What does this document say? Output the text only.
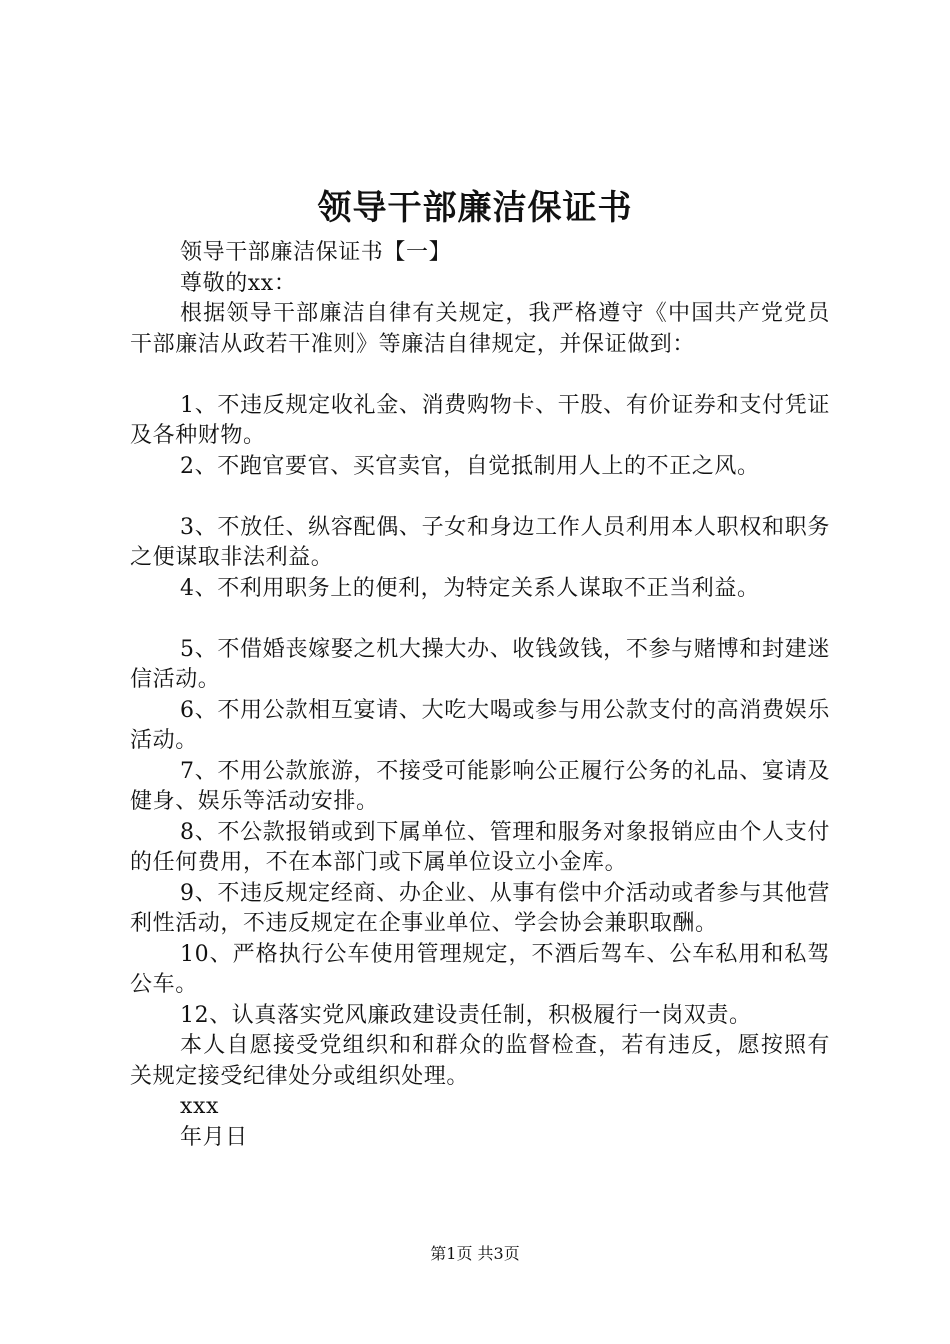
领导干部廉洁保证书

领导干部廉洁保证书【一】

尊敬的xx：

根据领导干部廉洁自律有关规定，我严格遵守《中国共产党党员干部廉洁从政若干准则》等廉洁自律规定，并保证做到：

1、不违反规定收礼金、消费购物卡、干股、有价证券和支付凭证及各种财物。

2、不跑官要官、买官卖官，自觉抵制用人上的不正之风。

3、不放任、纵容配偶、子女和身边工作人员利用本人职权和职务之便谋取非法利益。

4、不利用职务上的便利，为特定关系人谋取不正当利益。

5、不借婚丧嫁娶之机大操大办、收钱敛钱，不参与赌博和封建迷信活动。

6、不用公款相互宴请、大吃大喝或参与用公款支付的高消费娱乐活动。

7、不用公款旅游，不接受可能影响公正履行公务的礼品、宴请及健身、娱乐等活动安排。

8、不公款报销或到下属单位、管理和服务对象报销应由个人支付的任何费用，不在本部门或下属单位设立小金库。

9、不违反规定经商、办企业、从事有偿中介活动或者参与其他营利性活动，不违反规定在企事业单位、学会协会兼职取酬。

10、严格执行公车使用管理规定，不酒后驾车、公车私用和私驾公车。

12、认真落实党风廉政建设责任制，积极履行一岗双责。

本人自愿接受党组织和和群众的监督检查，若有违反，愿按照有关规定接受纪律处分或组织处理。

xxx

年月日

第1页 共3页
